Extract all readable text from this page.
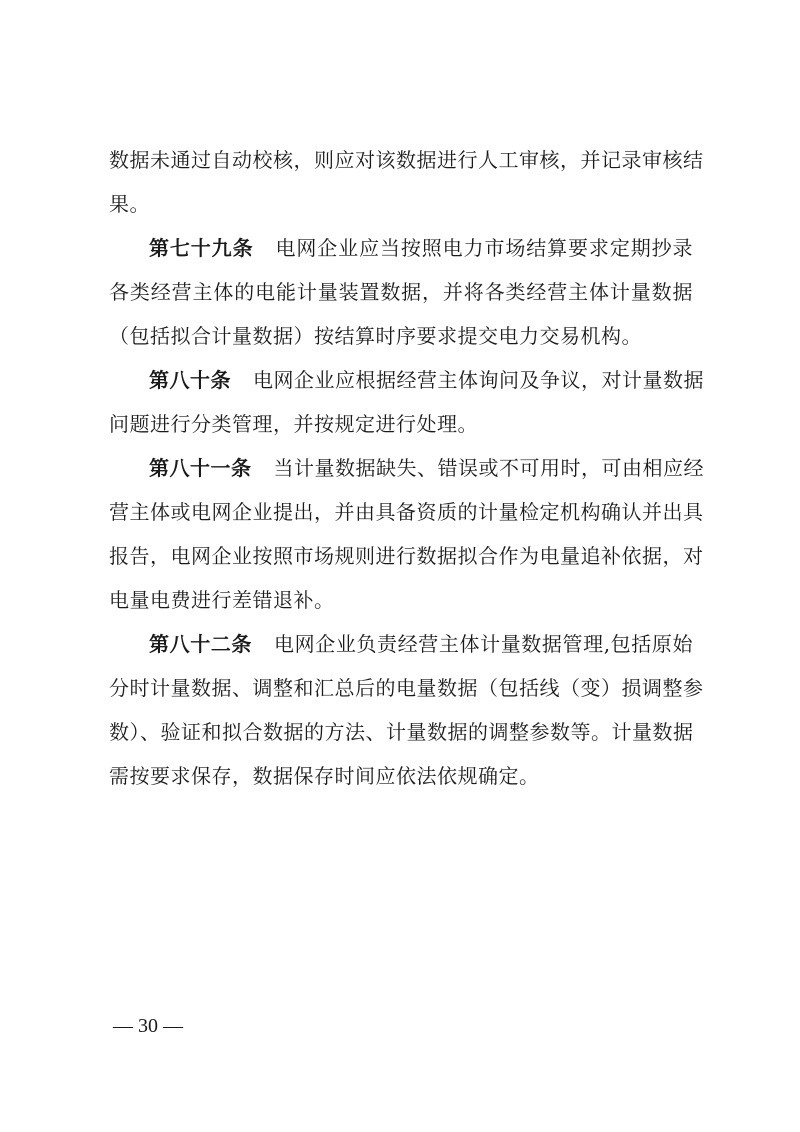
数据未通过自动校核，则应对该数据进行人工审核，并记录审核结
果。
第七十九条 电网企业应当按照电力市场结算要求定期抄录
各类经营主体的电能计量装置数据，并将各类经营主体计量数据
（包括拟合计量数据）按结算时序要求提交电力交易机构。
第八十条 电网企业应根据经营主体询问及争议，对计量数据
问题进行分类管理，并按规定进行处理。
第八十一条 当计量数据缺失、错误或不可用时，可由相应经
营主体或电网企业提出，并由具备资质的计量检定机构确认并出具
报告，电网企业按照市场规则进行数据拟合作为电量追补依据，对
电量电费进行差错退补。
第八十二条 电网企业负责经营主体计量数据管理,包括原始
分时计量数据、调整和汇总后的电量数据（包括线（变）损调整参
数）、验证和拟合数据的方法、计量数据的调整参数等。计量数据
需按要求保存，数据保存时间应依法依规确定。
— 30 —
